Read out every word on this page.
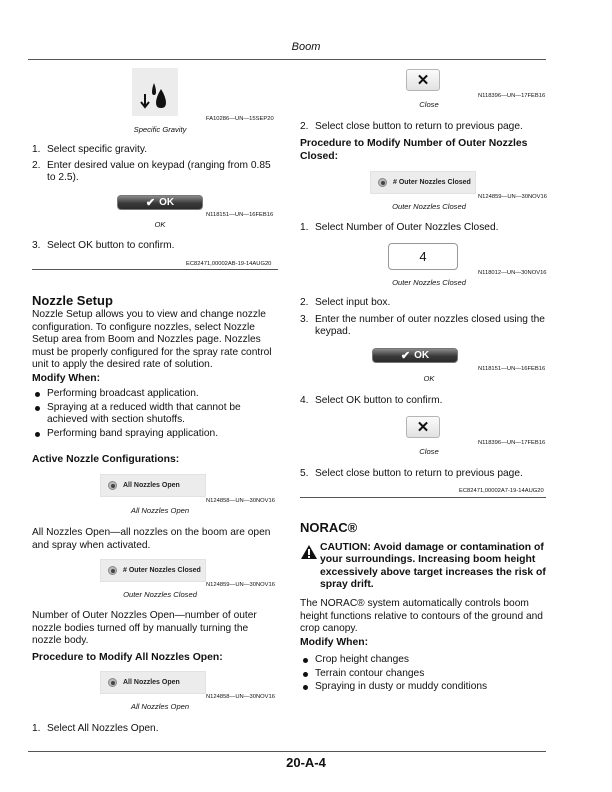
Boom
FA10286—UN—15SEP20
Specific Gravity
1. Select specific gravity.
2. Enter desired value on keypad (ranging from 0.85 to 2.5).
✔ OK
N118151—UN—16FEB16
OK
3. Select OK button to confirm.
EC82471,00002AB-19-14AUG20
Nozzle Setup
Nozzle Setup allows you to view and change nozzle configuration. To configure nozzles, select Nozzle Setup area from Boom and Nozzles page. Nozzles must be properly configured for the spray rate control unit to apply the desired rate of solution.
Modify When:
Performing broadcast application.
Spraying at a reduced width that cannot be achieved with section shutoffs.
Performing band spraying application.
Active Nozzle Configurations:
All Nozzles Open
N124858—UN—30NOV16
All Nozzles Open
All Nozzles Open—all nozzles on the boom are open and spray when activated.
# Outer Nozzles Closed
N124859—UN—30NOV16
Outer Nozzles Closed
Number of Outer Nozzles Open—number of outer nozzle bodies turned off by manually turning the nozzle body.
Procedure to Modify All Nozzles Open:
All Nozzles Open
N124858—UN—30NOV16
All Nozzles Open
1. Select All Nozzles Open.
✕
N118396—UN—17FEB16
Close
2. Select close button to return to previous page.
Procedure to Modify Number of Outer Nozzles Closed:
# Outer Nozzles Closed
N124859—UN—30NOV16
Outer Nozzles Closed
1. Select Number of Outer Nozzles Closed.
4
N118012—UN—30NOV16
Outer Nozzles Closed
2. Select input box.
3. Enter the number of outer nozzles closed using the keypad.
✔ OK
N118151—UN—16FEB16
OK
4. Select OK button to confirm.
✕
N118396—UN—17FEB16
Close
5. Select close button to return to previous page.
EC82471,00002A7-19-14AUG20
NORAC®
CAUTION: Avoid damage or contamination of your surroundings. Increasing boom height excessively above target increases the risk of spray drift.
The NORAC® system automatically controls boom height functions relative to contours of the ground and crop canopy.
Modify When:
Crop height changes
Terrain contour changes
Spraying in dusty or muddy conditions
20-A-4
